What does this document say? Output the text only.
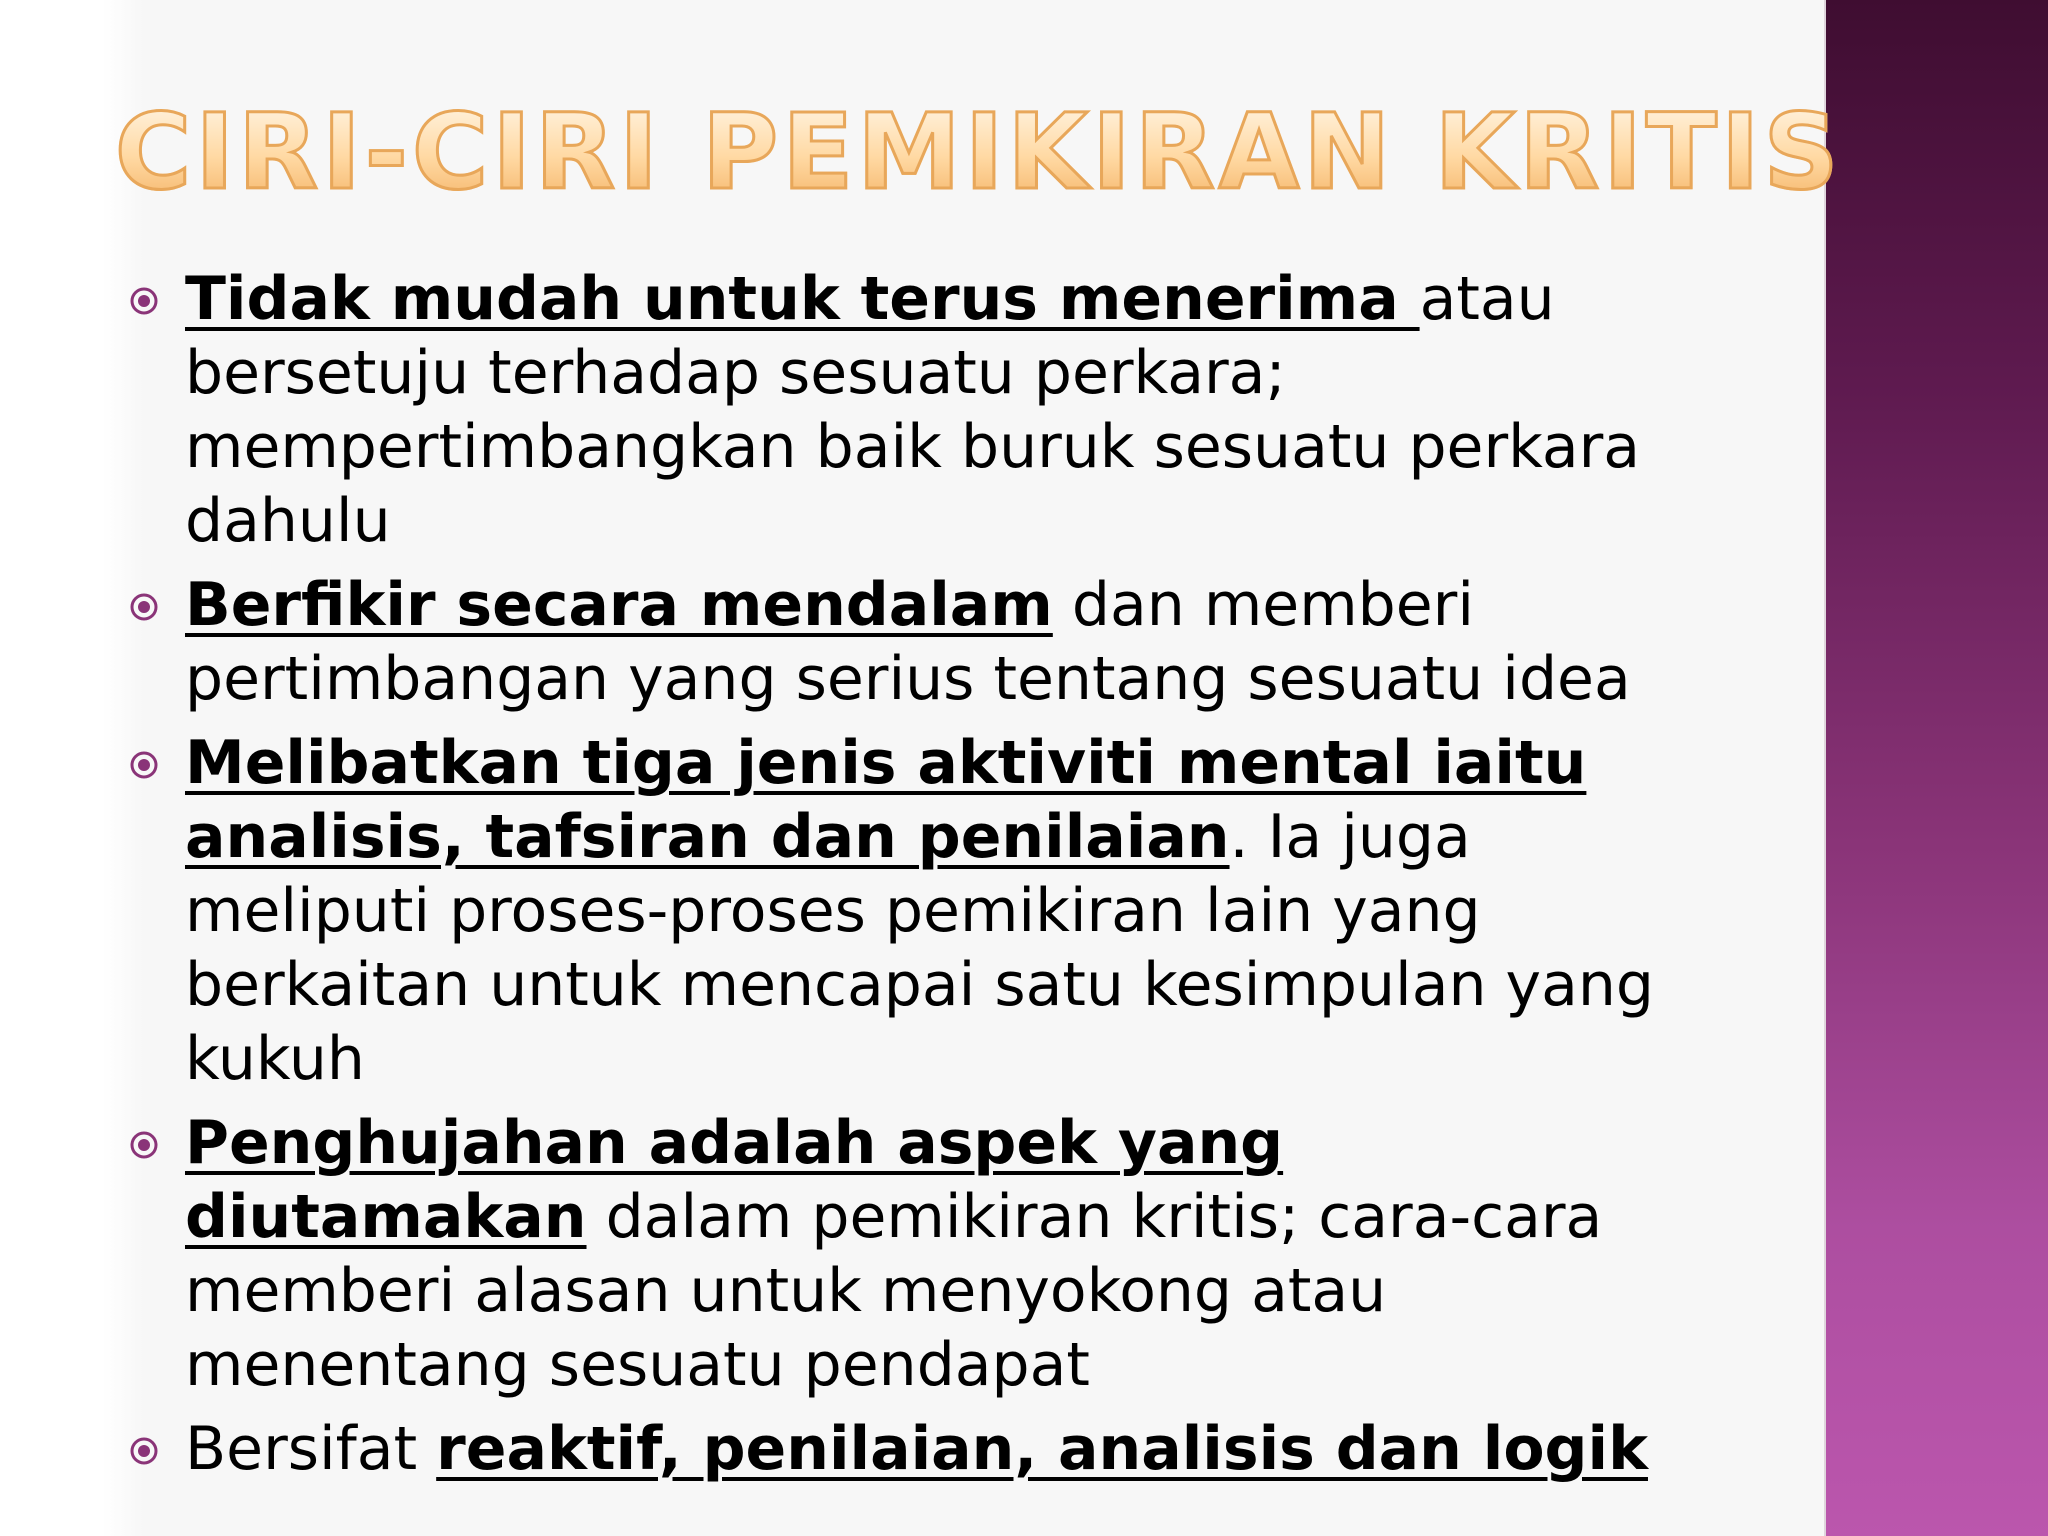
CIRI-CIRI PEMIKIRAN KRITIS
Tidak mudah untuk terus menerima atau bersetuju terhadap sesuatu perkara; mempertimbangkan baik buruk sesuatu perkara dahulu
Berfikir secara mendalam dan memberi pertimbangan yang serius tentang sesuatu idea
Melibatkan tiga jenis aktiviti mental iaitu analisis, tafsiran dan penilaian. Ia juga meliputi proses-proses pemikiran lain yang berkaitan untuk mencapai satu kesimpulan yang kukuh
Penghujahan adalah aspek yang diutamakan dalam pemikiran kritis; cara-cara memberi alasan untuk menyokong atau menentang sesuatu pendapat
Bersifat reaktif, penilaian, analisis dan logik
